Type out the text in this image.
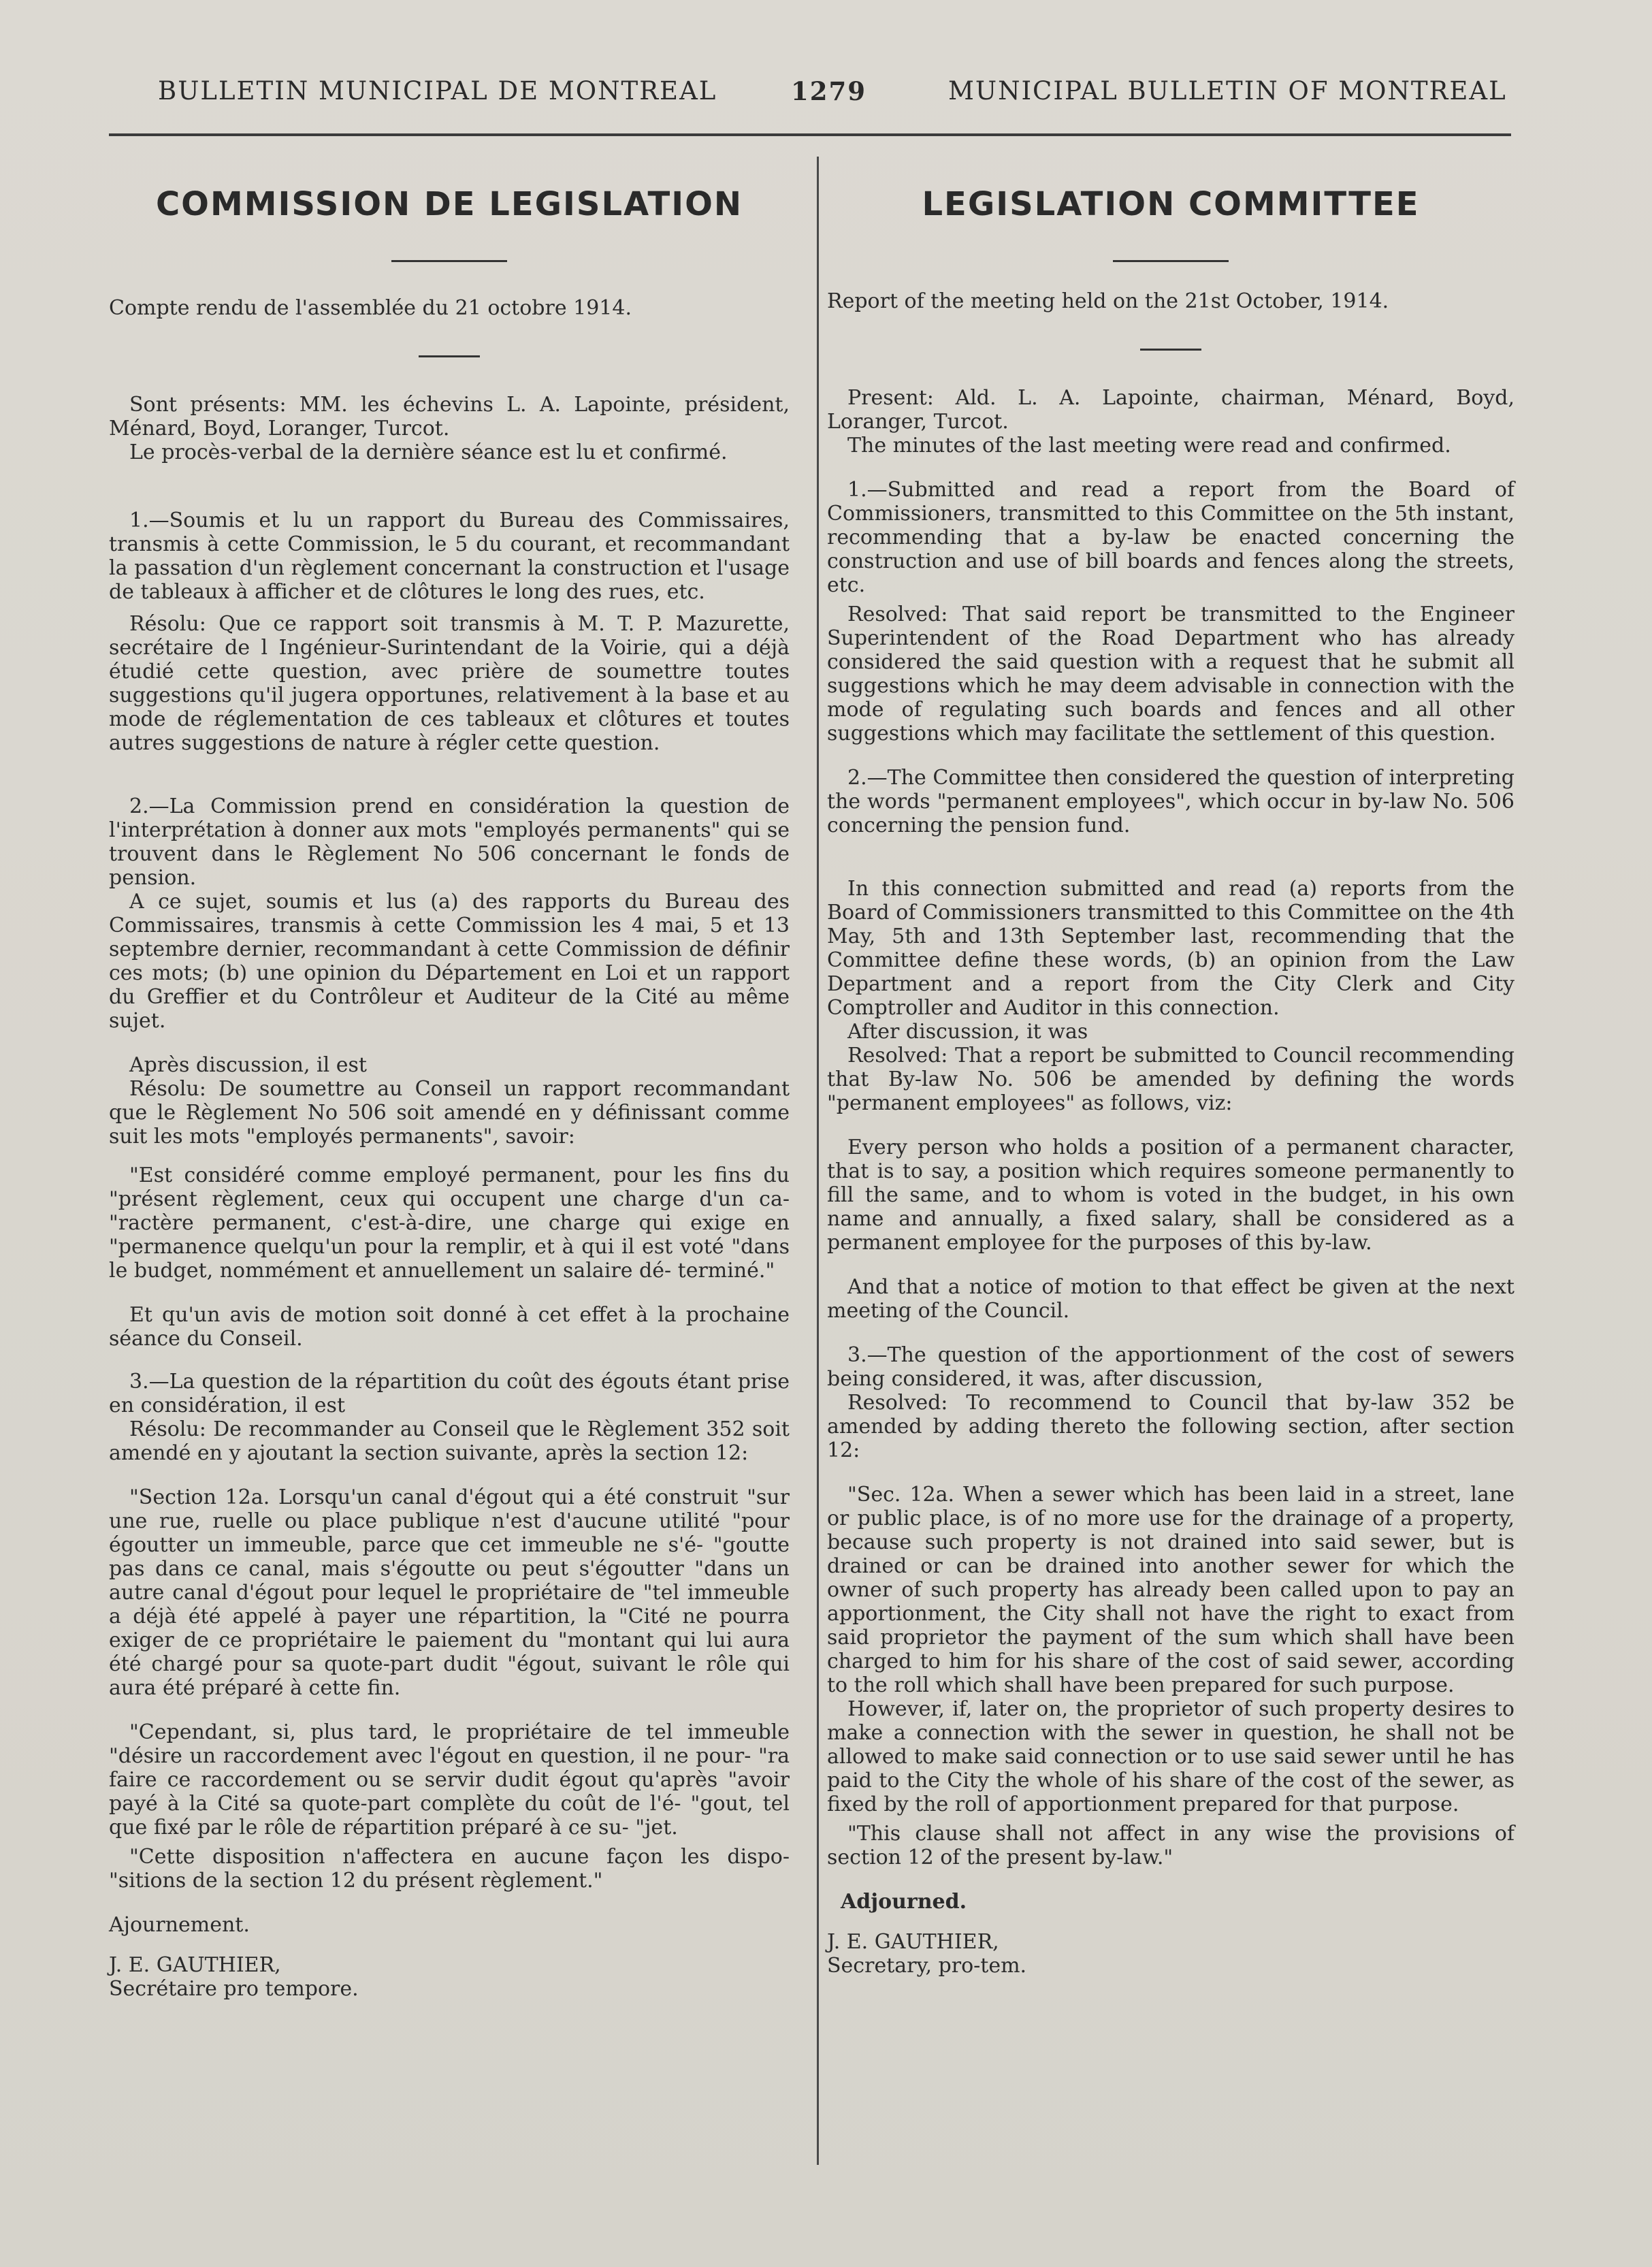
BULLETIN MUNICIPAL DE MONTREAL	1279	MUNICIPAL BULLETIN OF MONTREAL
COMMISSION DE LEGISLATION

Compte rendu de l'assemblée du 21 octobre 1914.

Sont présents: MM. les échevins L. A. Lapointe, président, Ménard, Boyd, Loranger, Turcot.

Le procès-verbal de la dernière séance est lu et confirmé.

1.—Soumis et lu un rapport du Bureau des Commissaires, transmis à cette Commission, le 5 du courant, et recommandant la passation d'un règlement concernant la construction et l'usage de tableaux à afficher et de clôtures le long des rues, etc.

Résolu: Que ce rapport soit transmis à M. T. P. Mazurette, secrétaire de l Ingénieur-Surintendant de la Voirie, qui a déjà étudié cette question, avec prière de soumettre toutes suggestions qu'il jugera opportunes, relativement à la base et au mode de réglementation de ces tableaux et clôtures et toutes autres suggestions de nature à régler cette question.

2.—La Commission prend en considération la question de l'interprétation à donner aux mots "employés permanents" qui se trouvent dans le Règlement No 506 concernant le fonds de pension.

A ce sujet, soumis et lus (a) des rapports du Bureau des Commissaires, transmis à cette Commission les 4 mai, 5 et 13 septembre dernier, recommandant à cette Commission de définir ces mots; (b) une opinion du Département en Loi et un rapport du Greffier et du Contrôleur et Auditeur de la Cité au même sujet.

Après discussion, il est

Résolu: De soumettre au Conseil un rapport recommandant que le Règlement No 506 soit amendé en y définissant comme suit les mots "employés permanents", savoir:

"Est considéré comme employé permanent, pour les fins du "présent règlement, ceux qui occupent une charge d'un ca- "ractère permanent, c'est-à-dire, une charge qui exige en "permanence quelqu'un pour la remplir, et à qui il est voté "dans le budget, nommément et annuellement un salaire dé- terminé."

Et qu'un avis de motion soit donné à cet effet à la prochaine séance du Conseil.

3.—La question de la répartition du coût des égouts étant prise en considération, il est

Résolu: De recommander au Conseil que le Règlement 352 soit amendé en y ajoutant la section suivante, après la section 12:

"Section 12a. Lorsqu'un canal d'égout qui a été construit "sur une rue, ruelle ou place publique n'est d'aucune utilité "pour égoutter un immeuble, parce que cet immeuble ne s'é- "goutte pas dans ce canal, mais s'égoutte ou peut s'égoutter "dans un autre canal d'égout pour lequel le propriétaire de "tel immeuble a déjà été appelé à payer une répartition, la "Cité ne pourra exiger de ce propriétaire le paiement du "montant qui lui aura été chargé pour sa quote-part dudit "égout, suivant le rôle qui aura été préparé à cette fin.

"Cependant, si, plus tard, le propriétaire de tel immeuble "désire un raccordement avec l'égout en question, il ne pour- "ra faire ce raccordement ou se servir dudit égout qu'après "avoir payé à la Cité sa quote-part complète du coût de l'é- "gout, tel que fixé par le rôle de répartition préparé à ce su- "jet.

"Cette disposition n'affectera en aucune façon les dispo- "sitions de la section 12 du présent règlement."

Ajournement.

J. E. GAUTHIER,

Secrétaire pro tempore.

LEGISLATION COMMITTEE

Report of the meeting held on the 21st October, 1914.

Present: Ald. L. A. Lapointe, chairman, Ménard, Boyd, Loranger, Turcot.

The minutes of the last meeting were read and confirmed.

1.—Submitted and read a report from the Board of Commissioners, transmitted to this Committee on the 5th instant, recommending that a by-law be enacted concerning the construction and use of bill boards and fences along the streets, etc.

Resolved: That said report be transmitted to the Engineer Superintendent of the Road Department who has already considered the said question with a request that he submit all suggestions which he may deem advisable in connection with the mode of regulating such boards and fences and all other suggestions which may facilitate the settlement of this question.

2.—The Committee then considered the question of interpreting the words "permanent employees", which occur in by-law No. 506 concerning the pension fund.

In this connection submitted and read (a) reports from the Board of Commissioners transmitted to this Committee on the 4th May, 5th and 13th September last, recommending that the Committee define these words, (b) an opinion from the Law Department and a report from the City Clerk and City Comptroller and Auditor in this connection.

After discussion, it was

Resolved: That a report be submitted to Council recommending that By-law No. 506 be amended by defining the words "permanent employees" as follows, viz:

Every person who holds a position of a permanent character, that is to say, a position which requires someone permanently to fill the same, and to whom is voted in the budget, in his own name and annually, a fixed salary, shall be considered as a permanent employee for the purposes of this by-law.

And that a notice of motion to that effect be given at the next meeting of the Council.

3.—The question of the apportionment of the cost of sewers being considered, it was, after discussion,

Resolved: To recommend to Council that by-law 352 be amended by adding thereto the following section, after section 12:

"Sec. 12a. When a sewer which has been laid in a street, lane or public place, is of no more use for the drainage of a property, because such property is not drained into said sewer, but is drained or can be drained into another sewer for which the owner of such property has already been called upon to pay an apportionment, the City shall not have the right to exact from said proprietor the payment of the sum which shall have been charged to him for his share of the cost of said sewer, according to the roll which shall have been prepared for such purpose.

However, if, later on, the proprietor of such property desires to make a connection with the sewer in question, he shall not be allowed to make said connection or to use said sewer until he has paid to the City the whole of his share of the cost of the sewer, as fixed by the roll of apportionment prepared for that purpose.

"This clause shall not affect in any wise the provisions of section 12 of the present by-law."

Adjourned.

J. E. GAUTHIER,

Secretary, pro-tem.
